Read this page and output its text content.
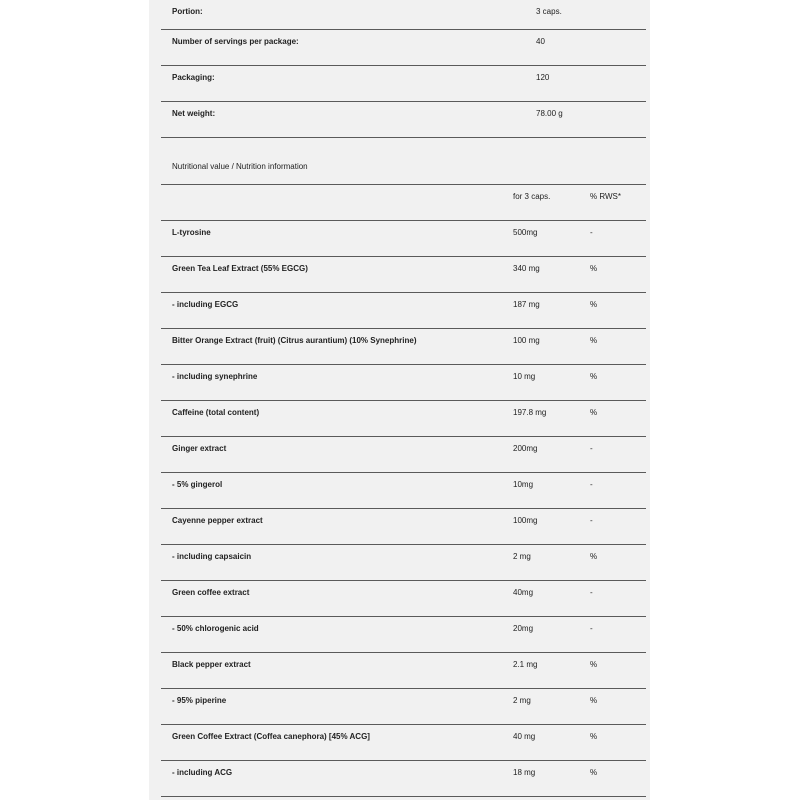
Portion:	3 caps.
Number of servings per package:	40
Packaging:	120
Net weight:	78.00 g
Nutritional value / Nutrition information
for 3 caps.	% RWS*
L-tyrosine	500mg	-
Green Tea Leaf Extract (55% EGCG)	340 mg	%
- including EGCG	187 mg	%
Bitter Orange Extract (fruit) (Citrus aurantium) (10% Synephrine)	100 mg	%
- including synephrine	10 mg	%
Caffeine (total content)	197.8 mg	%
Ginger extract	200mg	-
- 5% gingerol	10mg	-
Cayenne pepper extract	100mg	-
- including capsaicin	2 mg	%
Green coffee extract	40mg	-
- 50% chlorogenic acid	20mg	-
Black pepper extract	2.1 mg	%
- 95% piperine	2 mg	%
Green Coffee Extract (Coffea canephora) [45% ACG]	40 mg	%
- including ACG	18 mg	%
